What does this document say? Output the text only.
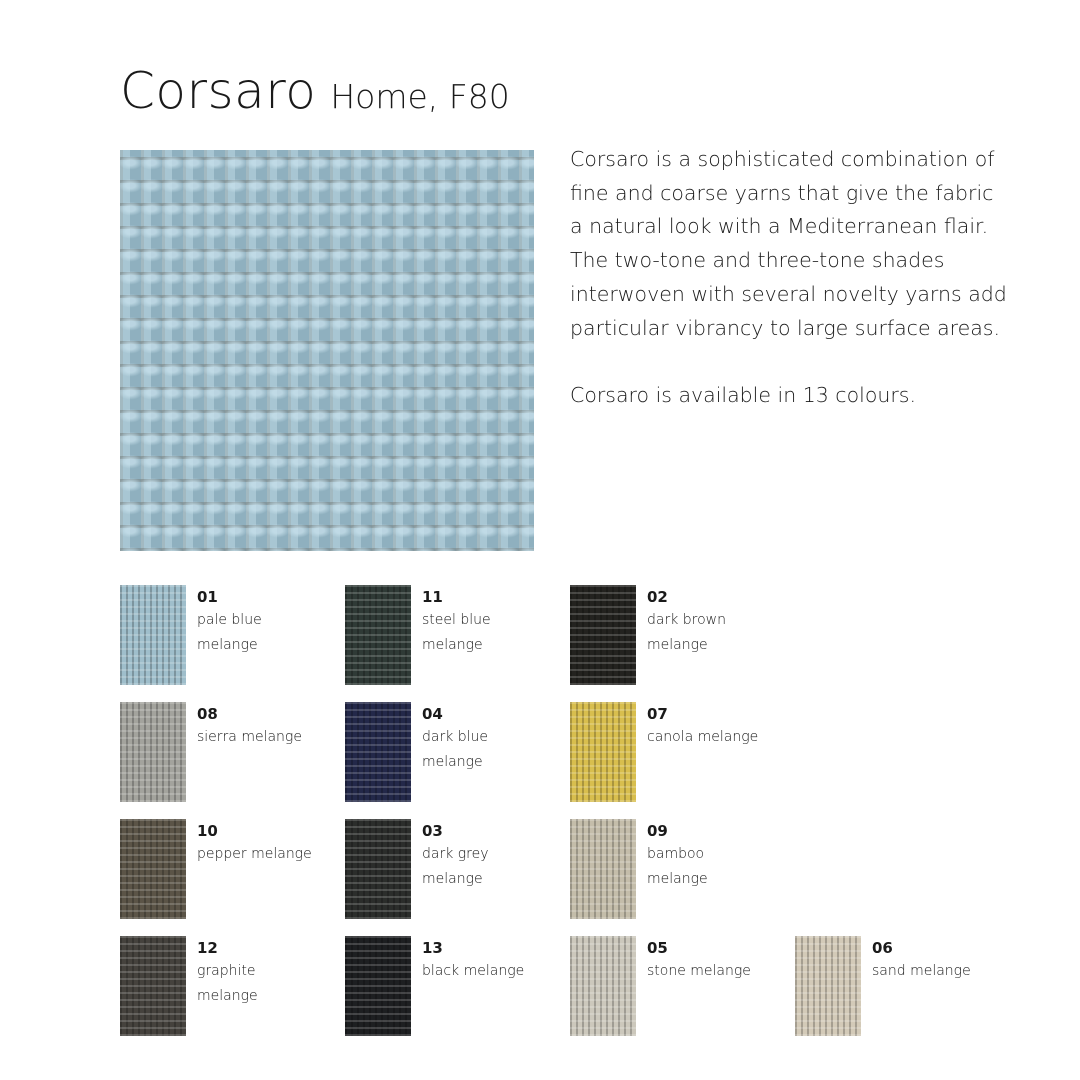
Corsaro Home, F80

Corsaro is a sophisticated combination of

fine and coarse yarns that give the fabric

a natural look with a Mediterranean flair.

The two-tone and three-tone shades

interwoven with several novelty yarns add

particular vibrancy to large surface areas.

Corsaro is available in 13 colours.

01
pale blue
melange
11
steel blue
melange
02
dark brown
melange
08
sierra melange
04
dark blue
melange
07
canola melange
10
pepper melange
03
dark grey
melange
09
bamboo
melange
12
graphite
melange
13
black melange
05
stone melange
06
sand melange
